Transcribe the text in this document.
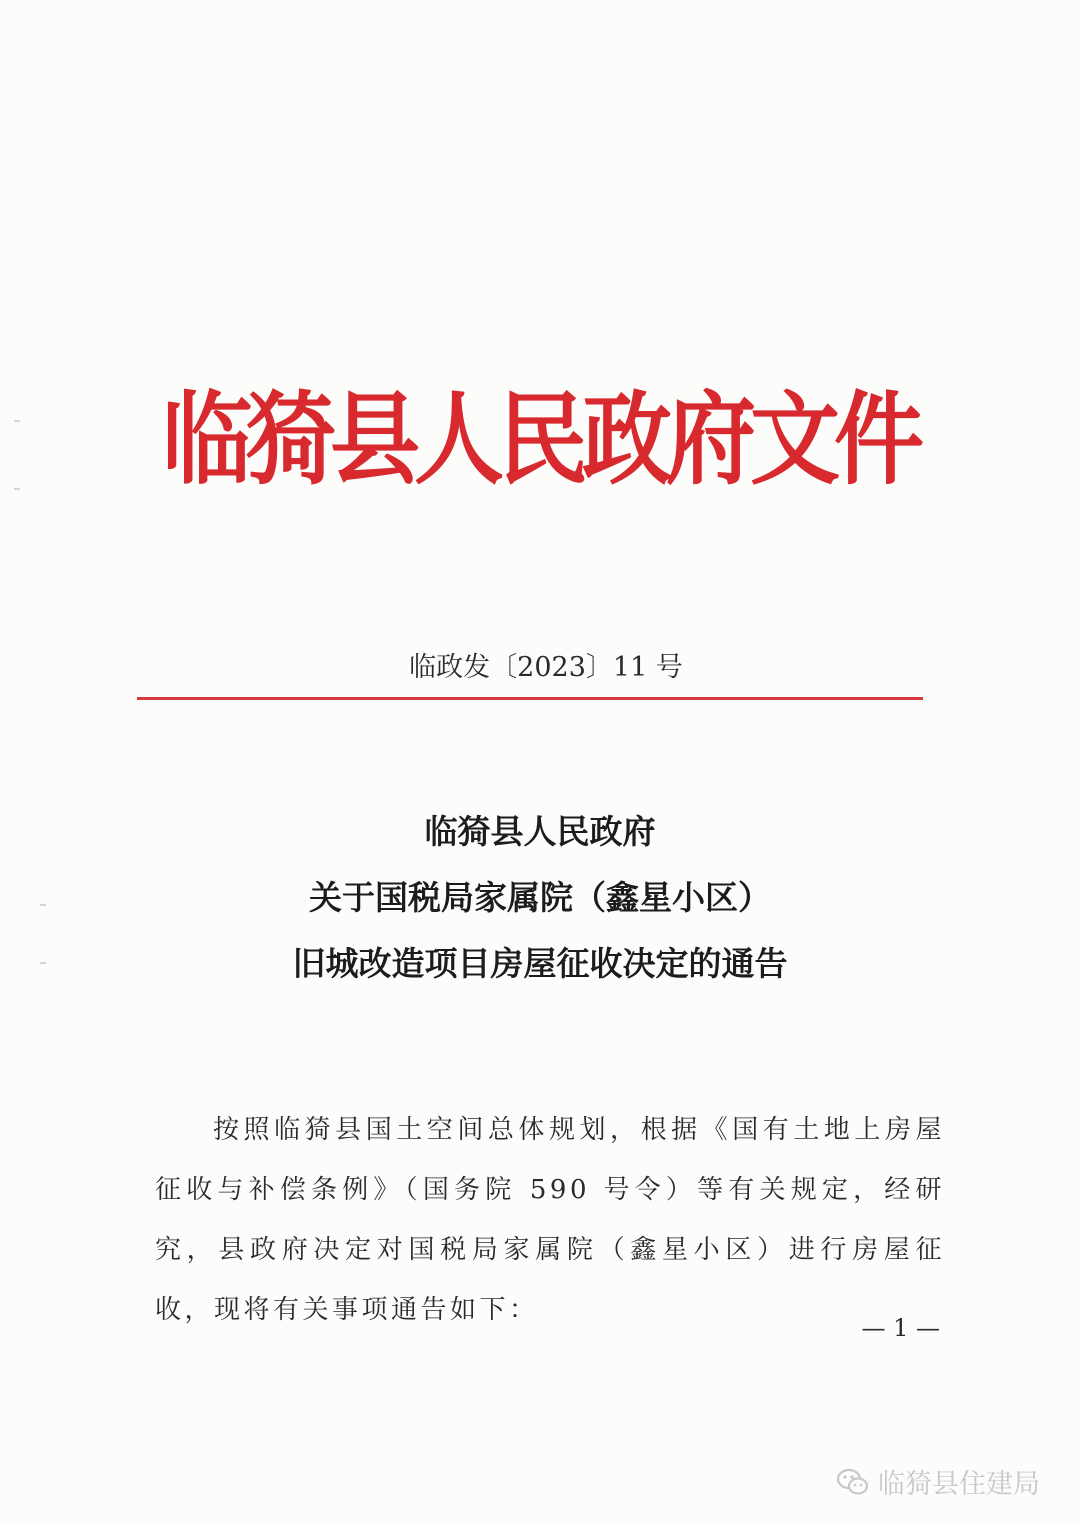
临猗县人民政府文件
临政发〔2023〕11 号
临猗县人民政府
关于国税局家属院（鑫星小区）
旧城改造项目房屋征收决定的通告
按照临猗县国土空间总体规划，根据《国有土地上房屋征收与补偿条例》（国务院 590 号令）等有关规定，经研究，县政府决定对国税局家属院（鑫星小区）进行房屋征收，现将有关事项通告如下：
— 1 —
临猗县住建局
